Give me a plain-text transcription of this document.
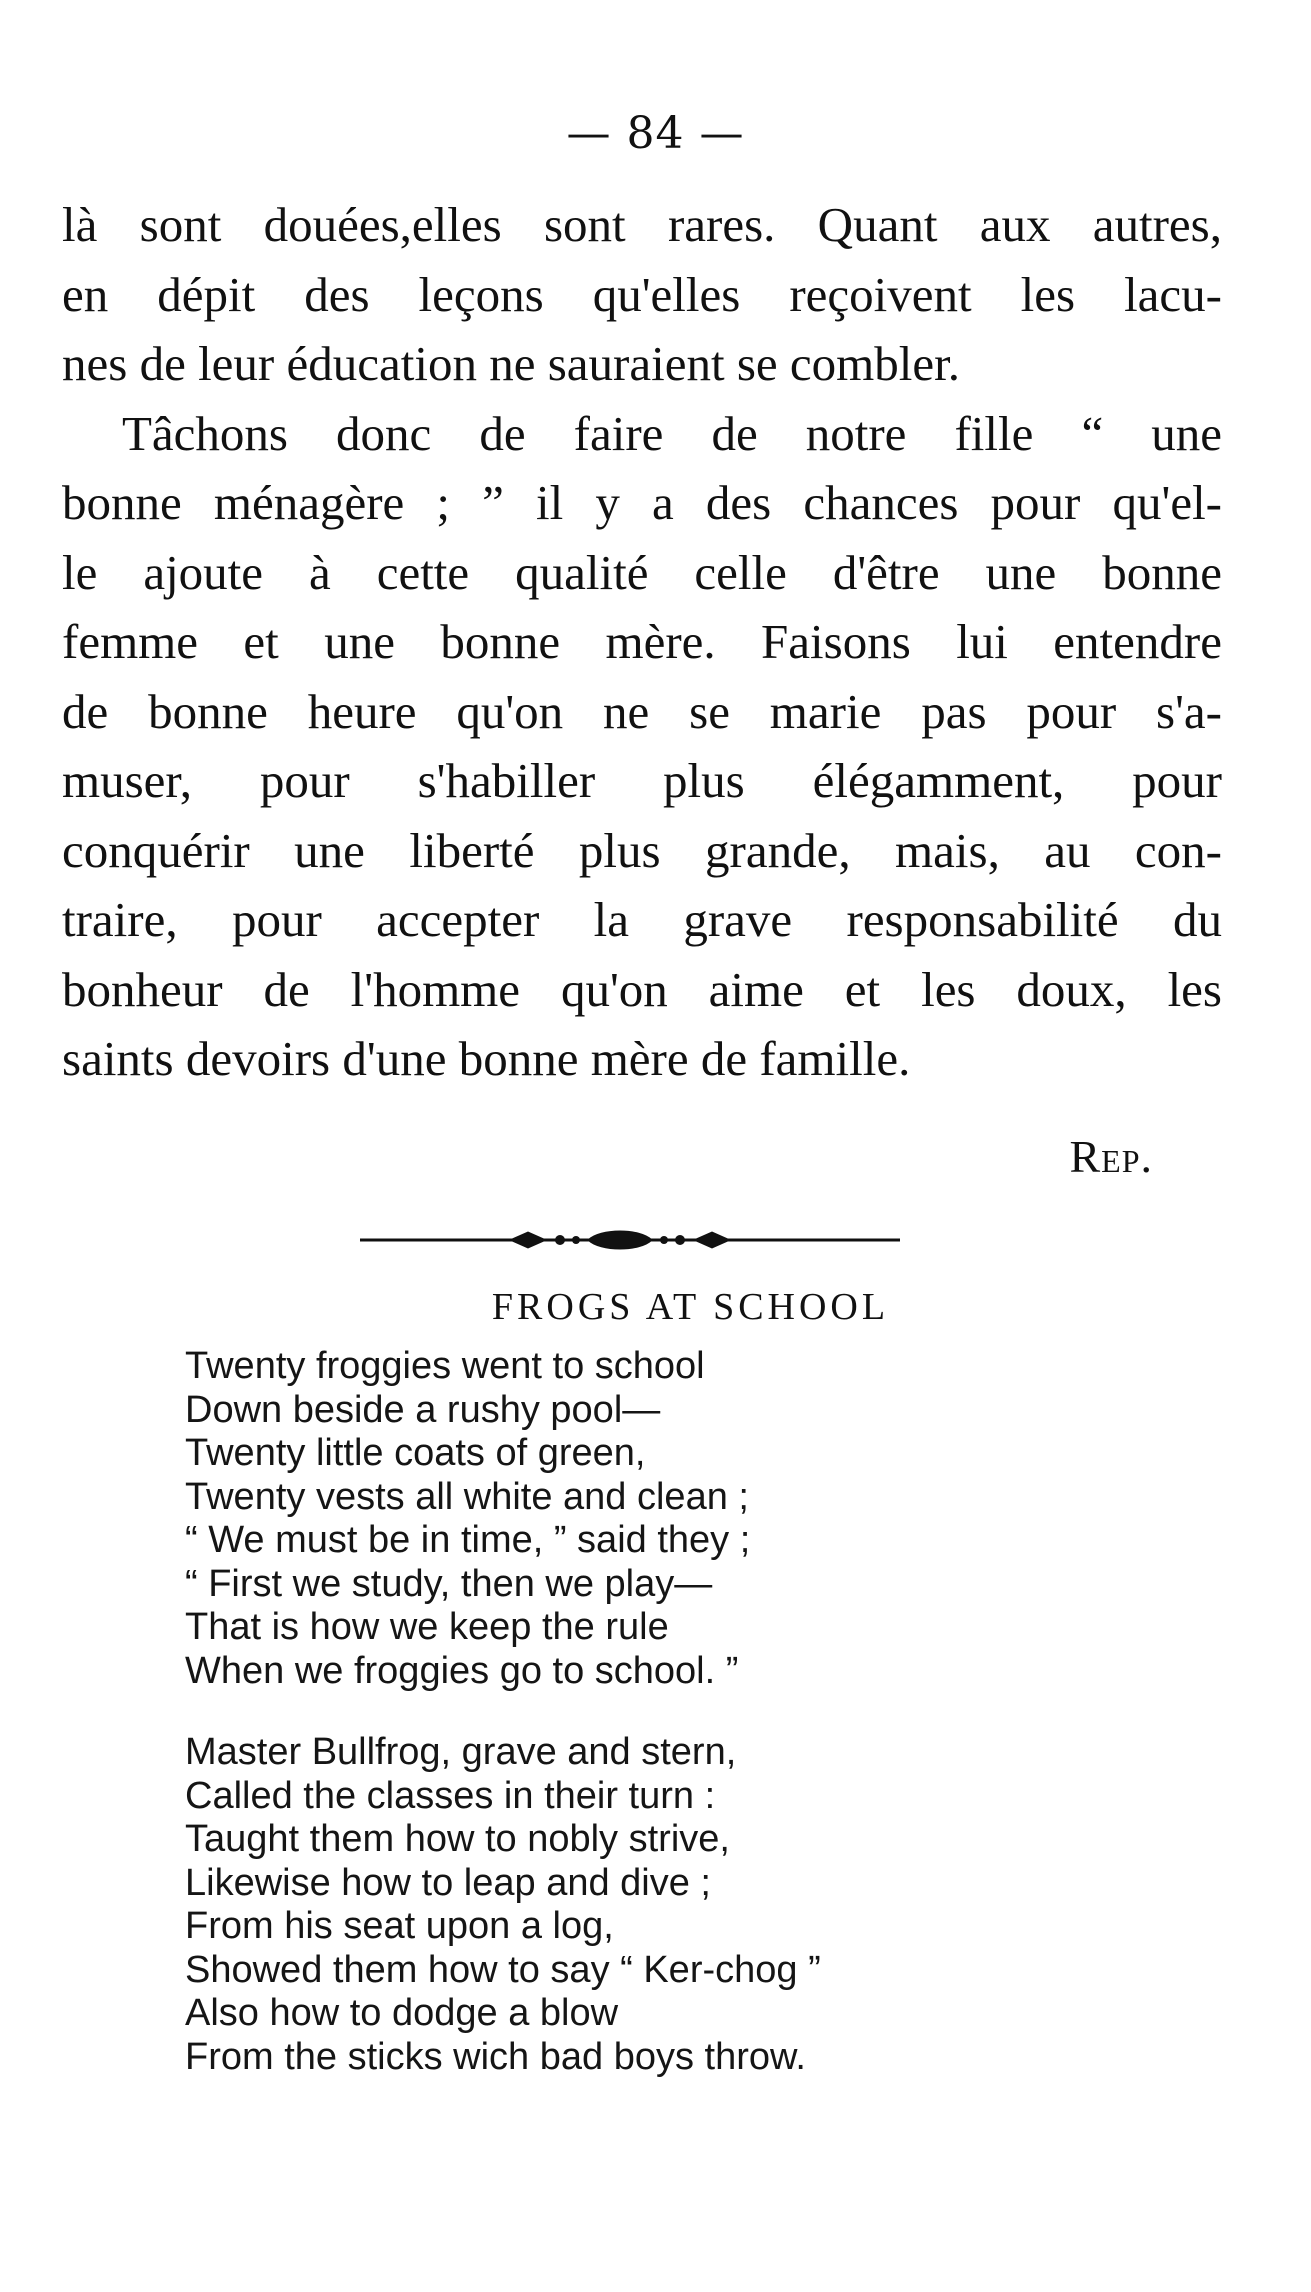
— 84 —
là sont douées,elles sont rares. Quant aux autres,
en dépit des leçons qu'elles reçoivent les lacu-
nes de leur éducation ne sauraient se combler.
Tâchons donc de faire de notre fille “ une
bonne ménagère ; ” il y a des chances pour qu'el-
le ajoute à cette qualité celle d'être une bonne
femme et une bonne mère. Faisons lui entendre
de bonne heure qu'on ne se marie pas pour s'a-
muser, pour s'habiller plus élégamment, pour
conquérir une liberté plus grande, mais, au con-
traire, pour accepter la grave responsabilité du
bonheur de l'homme qu'on aime et les doux, les
saints devoirs d'une bonne mère de famille.
Rep.
FROGS AT SCHOOL
Twenty froggies went to school
Down beside a rushy pool—
Twenty little coats of green,
Twenty vests all white and clean ;
“ We must be in time, ” said they ;
“ First we study, then we play—
That is how we keep the rule
When we froggies go to school. ”
Master Bullfrog, grave and stern,
Called the classes in their turn :
Taught them how to nobly strive,
Likewise how to leap and dive ;
From his seat upon a log,
Showed them how to say “ Ker-chog ”
Also how to dodge a blow
From the sticks wich bad boys throw.
